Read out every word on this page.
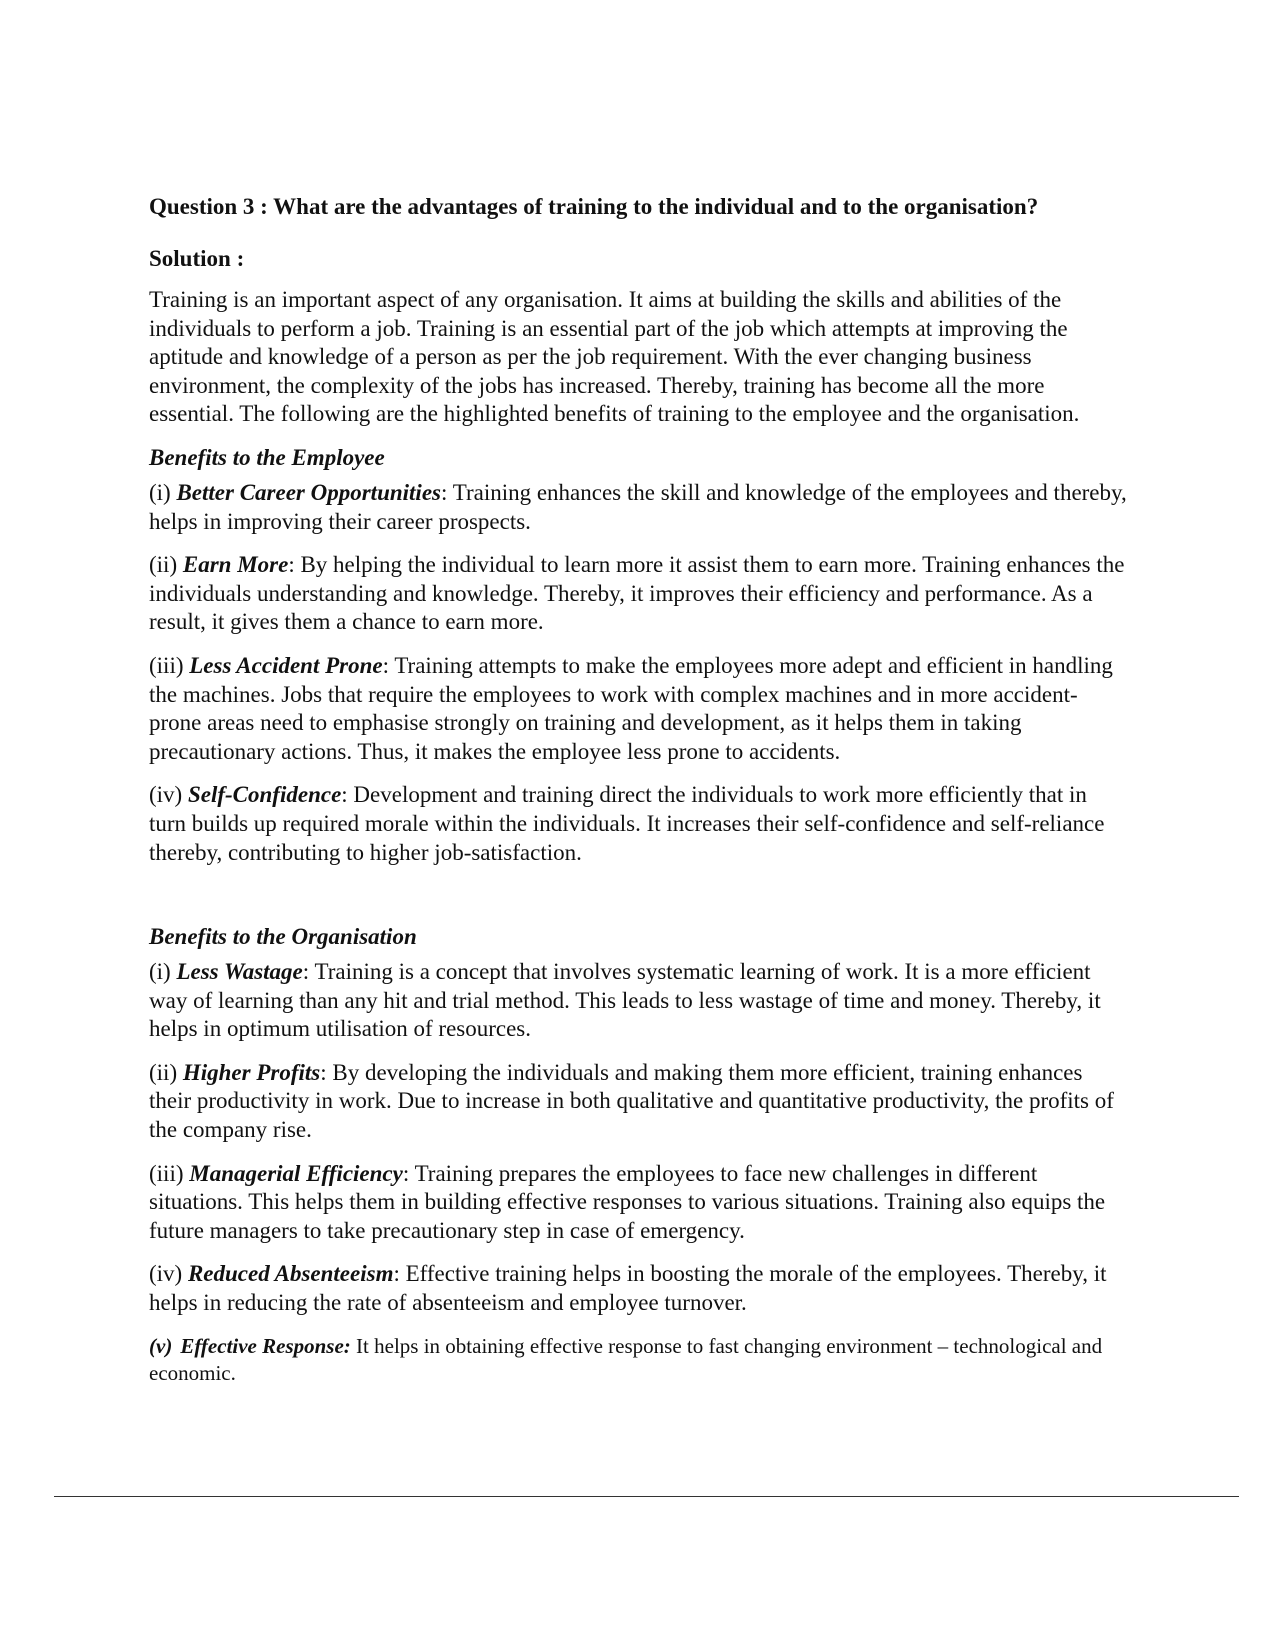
Question 3 : What are the advantages of training to the individual and to the organisation?

Solution :

Training is an important aspect of any organisation. It aims at building the skills and abilities of the individuals to perform a job. Training is an essential part of the job which attempts at improving the aptitude and knowledge of a person as per the job requirement. With the ever changing business environment, the complexity of the jobs has increased. Thereby, training has become all the more essential. The following are the highlighted benefits of training to the employee and the organisation.

Benefits to the Employee

(i) Better Career Opportunities: Training enhances the skill and knowledge of the employees and thereby, helps in improving their career prospects.

(ii) Earn More: By helping the individual to learn more it assist them to earn more. Training enhances the individuals understanding and knowledge. Thereby, it improves their efficiency and performance. As a result, it gives them a chance to earn more.

(iii) Less Accident Prone: Training attempts to make the employees more adept and efficient in handling the machines. Jobs that require the employees to work with complex machines and in more accident-prone areas need to emphasise strongly on training and development, as it helps them in taking precautionary actions. Thus, it makes the employee less prone to accidents.

(iv) Self-Confidence: Development and training direct the individuals to work more efficiently that in turn builds up required morale within the individuals. It increases their self-confidence and self-reliance thereby, contributing to higher job-satisfaction.

Benefits to the Organisation

(i) Less Wastage: Training is a concept that involves systematic learning of work. It is a more efficient way of learning than any hit and trial method. This leads to less wastage of time and money. Thereby, it helps in optimum utilisation of resources.

(ii) Higher Profits: By developing the individuals and making them more efficient, training enhances their productivity in work. Due to increase in both qualitative and quantitative productivity, the profits of the company rise.

(iii) Managerial Efficiency: Training prepares the employees to face new challenges in different situations. This helps them in building effective responses to various situations. Training also equips the future managers to take precautionary step in case of emergency.

(iv) Reduced Absenteeism: Effective training helps in boosting the morale of the employees. Thereby, it helps in reducing the rate of absenteeism and employee turnover.

(v) Effective Response: It helps in obtaining effective response to fast changing environment – technological and economic.
